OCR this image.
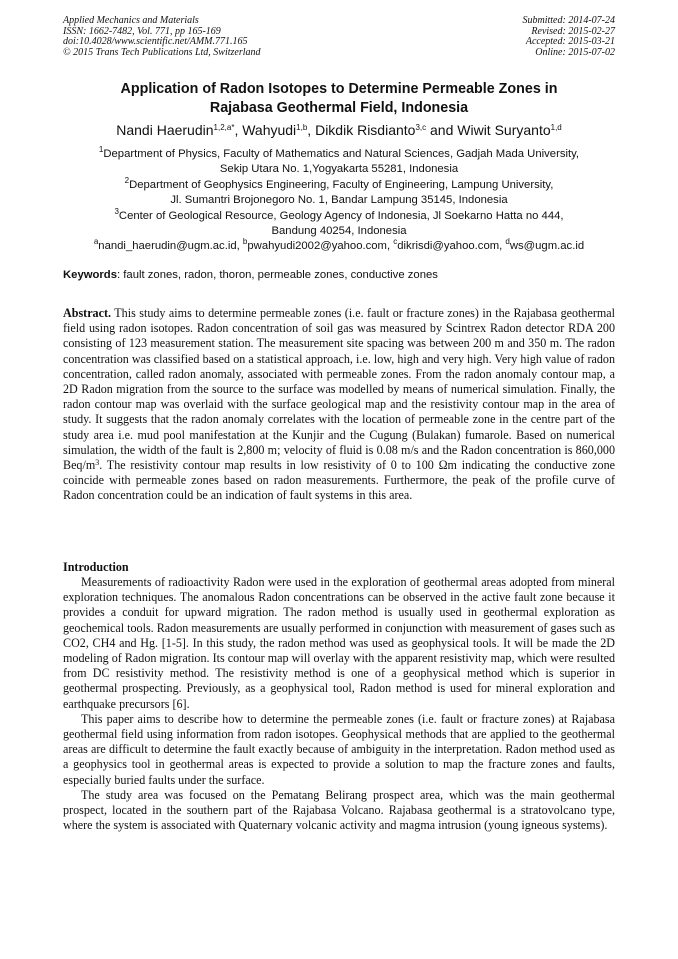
Applied Mechanics and Materials
ISSN: 1662-7482, Vol. 771, pp 165-169
doi:10.4028/www.scientific.net/AMM.771.165
© 2015 Trans Tech Publications Ltd, Switzerland
Submitted: 2014-07-24
Revised: 2015-02-27
Accepted: 2015-03-21
Online: 2015-07-02
Application of Radon Isotopes to Determine Permeable Zones in
Rajabasa Geothermal Field, Indonesia
Nandi Haerudin$^{1,2,a*}$, Wahyudi$^{1,b}$, Dikdik Risdianto$^{3,c}$ and Wiwit Suryanto$^{1,d}$
$^1$Department of Physics, Faculty of Mathematics and Natural Sciences, Gadjah Mada University,
Sekip Utara No. 1,Yogyakarta 55281, Indonesia
$^2$Department of Geophysics Engineering, Faculty of Engineering, Lampung University,
Jl. Sumantri Brojonegoro No. 1, Bandar Lampung 35145, Indonesia
$^3$Center of Geological Resource, Geology Agency of Indonesia, Jl Soekarno Hatta no 444,
Bandung 40254, Indonesia
$^a$nandi_haerudin@ugm.ac.id, $^b$pwahyudi2002@yahoo.com, $^c$dikrisdi@yahoo.com, $^d$ws@ugm.ac.id
Keywords: fault zones, radon, thoron, permeable zones, conductive zones
Abstract. This study aims to determine permeable zones (i.e. fault or fracture zones) in the Rajabasa geothermal field using radon isotopes. Radon concentration of soil gas was measured by Scintrex Radon detector RDA 200 consisting of 123 measurement station. The measurement site spacing was between 200 m and 350 m. The radon concentration was classified based on a statistical approach, i.e. low, high and very high. Very high value of radon concentration, called radon anomaly, associated with permeable zones. From the radon anomaly contour map, a 2D Radon migration from the source to the surface was modelled by means of numerical simulation. Finally, the radon contour map was overlaid with the surface geological map and the resistivity contour map in the area of study. It suggests that the radon anomaly correlates with the location of permeable zone in the centre part of the study area i.e. mud pool manifestation at the Kunjir and the Cugung (Bulakan) fumarole. Based on numerical simulation, the width of the fault is 2,800 m; velocity of fluid is 0.08 m/s and the Radon concentration is 860,000 Beq/$m^3$. The resistivity contour map results in low resistivity of 0 to 100 Ωm indicating the conductive zone coincide with permeable zones based on radon measurements. Furthermore, the peak of the profile curve of Radon concentration could be an indication of fault systems in this area.
Introduction

Measurements of radioactivity Radon were used in the exploration of geothermal areas adopted from mineral exploration techniques. The anomalous Radon concentrations can be observed in the active fault zone because it provides a conduit for upward migration. The radon method is usually used in geothermal exploration as geochemical tools. Radon measurements are usually performed in conjunction with measurement of gases such as CO2, CH4 and Hg. [1-5]. In this study, the radon method was used as geophysical tools. It will be made the 2D modeling of Radon migration. Its contour map will overlay with the apparent resistivity map, which were resulted from DC resistivity method. The resistivity method is one of a geophysical method which is superior in geothermal prospecting. Previously, as a geophysical tool, Radon method is used for mineral exploration and earthquake precursors [6].

This paper aims to describe how to determine the permeable zones (i.e. fault or fracture zones) at Rajabasa geothermal field using information from radon isotopes. Geophysical methods that are applied to the geothermal areas are difficult to determine the fault exactly because of ambiguity in the interpretation. Radon method used as a geophysics tool in geothermal areas is expected to provide a solution to map the fracture zones and faults, especially buried faults under the surface.

The study area was focused on the Pematang Belirang prospect area, which was the main geothermal prospect, located in the southern part of the Rajabasa Volcano. Rajabasa geothermal is a stratovolcano type, where the system is associated with Quaternary volcanic activity and magma intrusion (young igneous systems).
